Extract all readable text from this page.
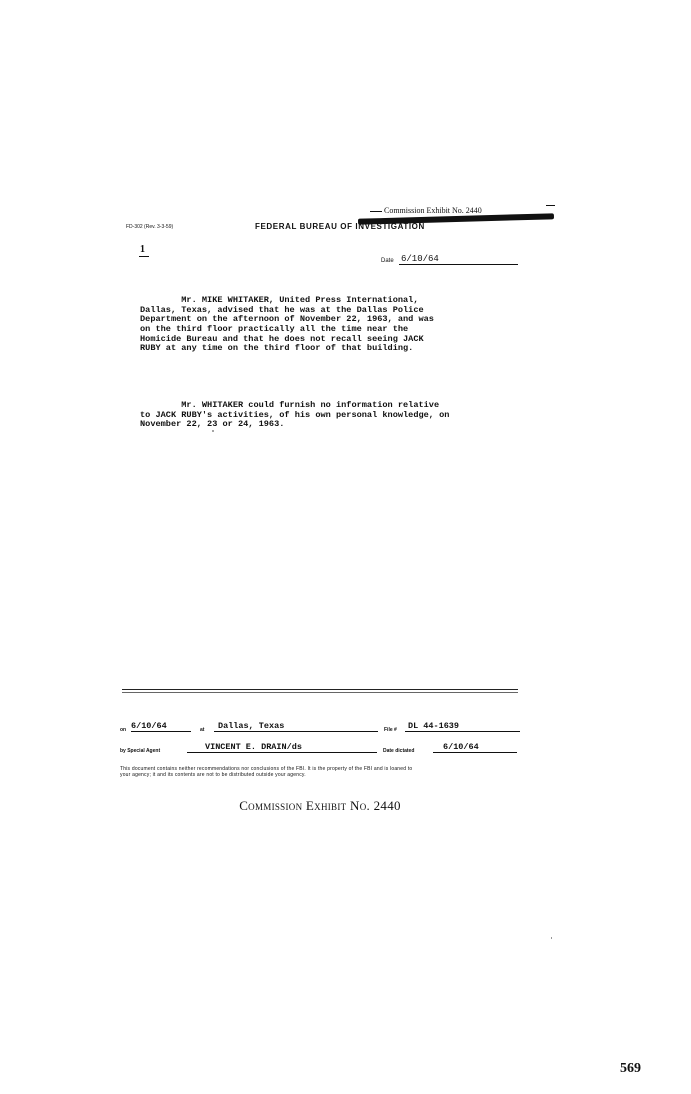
Commission Exhibit No. 2440
FD-302 (Rev. 3-3-59)	FEDERAL BUREAU OF INVESTIGATION
1
Date 6/10/64

Mr. MIKE WHITAKER, United Press International,
Dallas, Texas, advised that he was at the Dallas Police
Department on the afternoon of November 22, 1963, and was
on the third floor practically all the time near the
Homicide Bureau and that he does not recall seeing JACK
RUBY at any time on the third floor of that building.

Mr. WHITAKER could furnish no information relative
to JACK RUBY's activities, of his own personal knowledge, on
November 22, 23 or 24, 1963.

on 6/10/64	at	Dallas, Texas	File #	DL 44-1639
by Special Agent	VINCENT E. DRAIN/ds	Date dictated	6/10/64
This document contains neither recommendations nor conclusions of the FBI. It is the property of the FBI and is loaned to
your agency; it and its contents are not to be distributed outside your agency.
Commission Exhibit No. 2440
569
